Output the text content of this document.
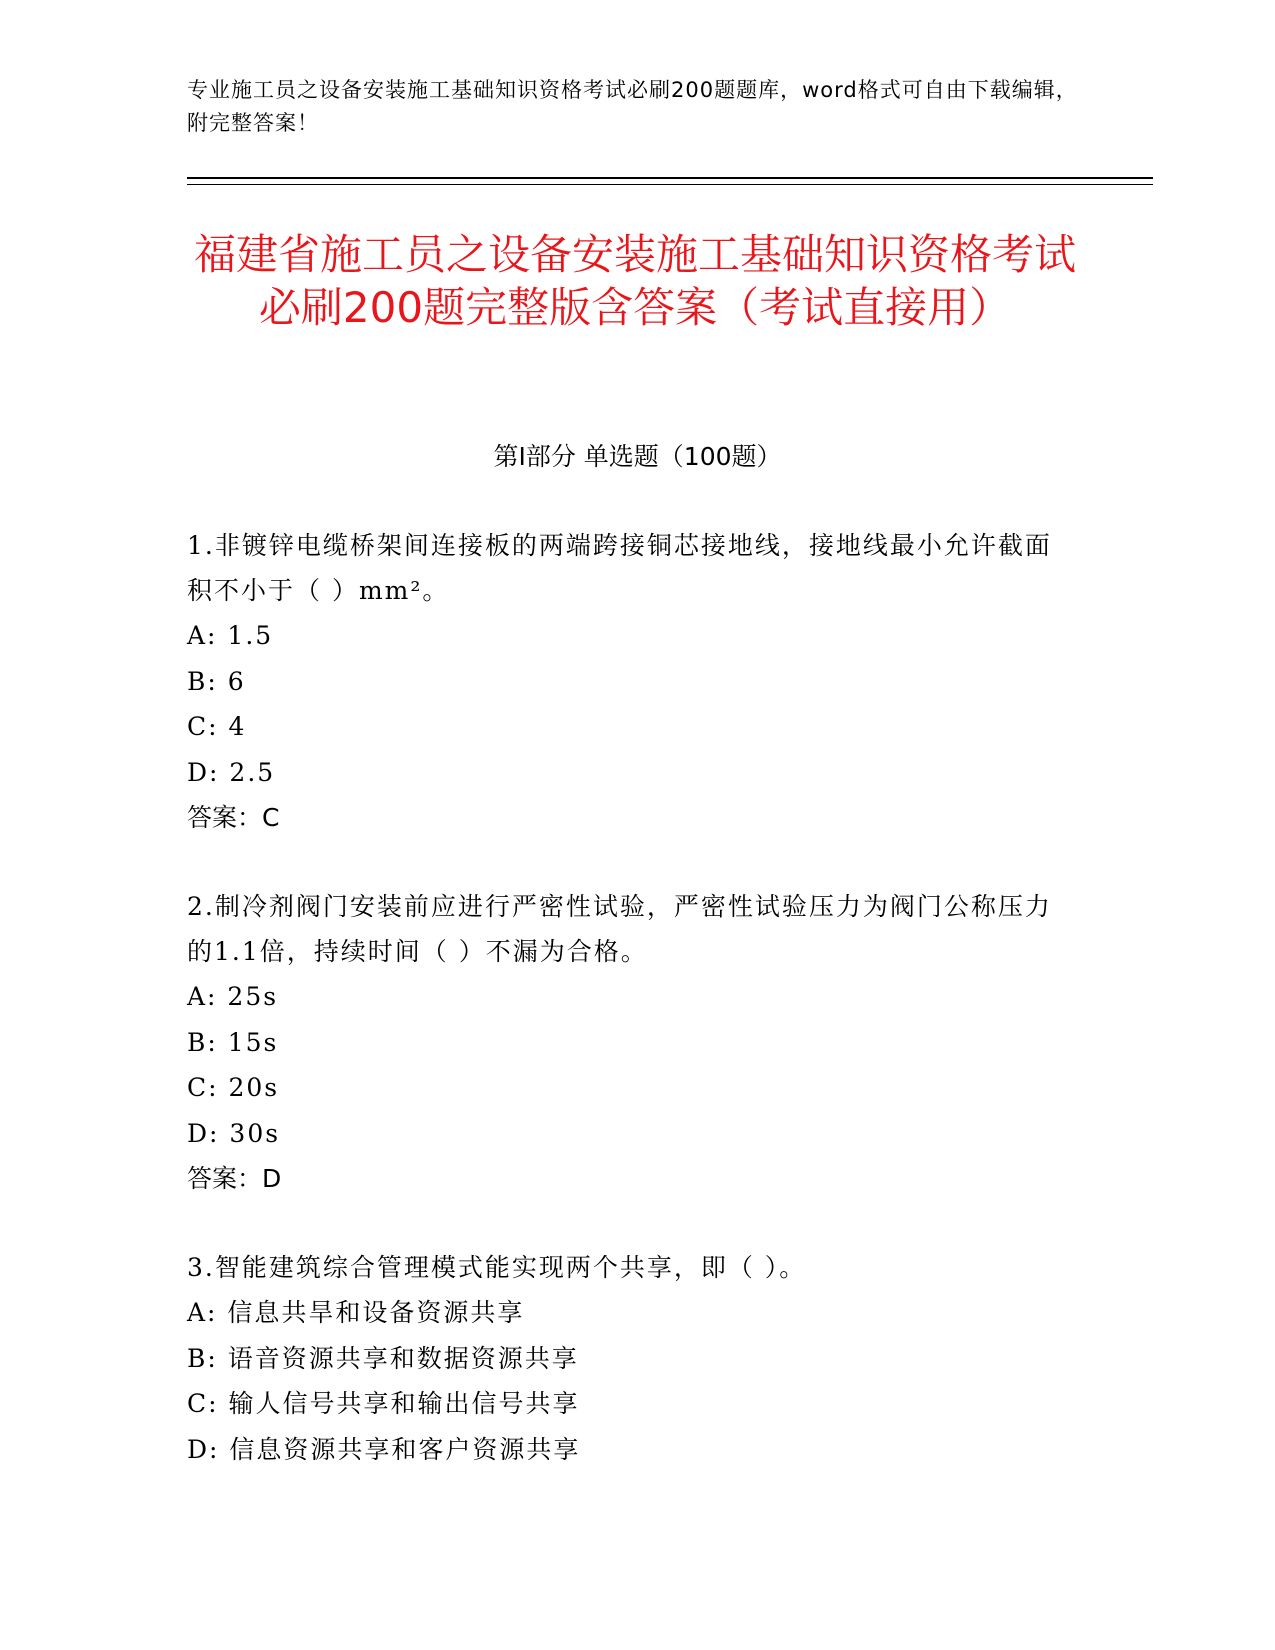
专业施工员之设备安装施工基础知识资格考试必刷200题题库，word格式可自由下载编辑，附完整答案！
福建省施工员之设备安装施工基础知识资格考试必刷200题完整版含答案（考试直接用）
第Ⅰ部分 单选题（100题）
1.非镀锌电缆桥架间连接板的两端跨接铜芯接地线，接地线最小允许截面积不小于（ ）mm²。
A: 1.5
B: 6
C: 4
D: 2.5
答案：C
2.制冷剂阀门安装前应进行严密性试验，严密性试验压力为阀门公称压力的1.1倍，持续时间（ ）不漏为合格。
A: 25s
B: 15s
C: 20s
D: 30s
答案：D
3.智能建筑综合管理模式能实现两个共享，即（ ）。
A: 信息共旱和设备资源共享
B: 语音资源共享和数据资源共享
C: 输人信号共享和输出信号共享
D: 信息资源共享和客户资源共享
